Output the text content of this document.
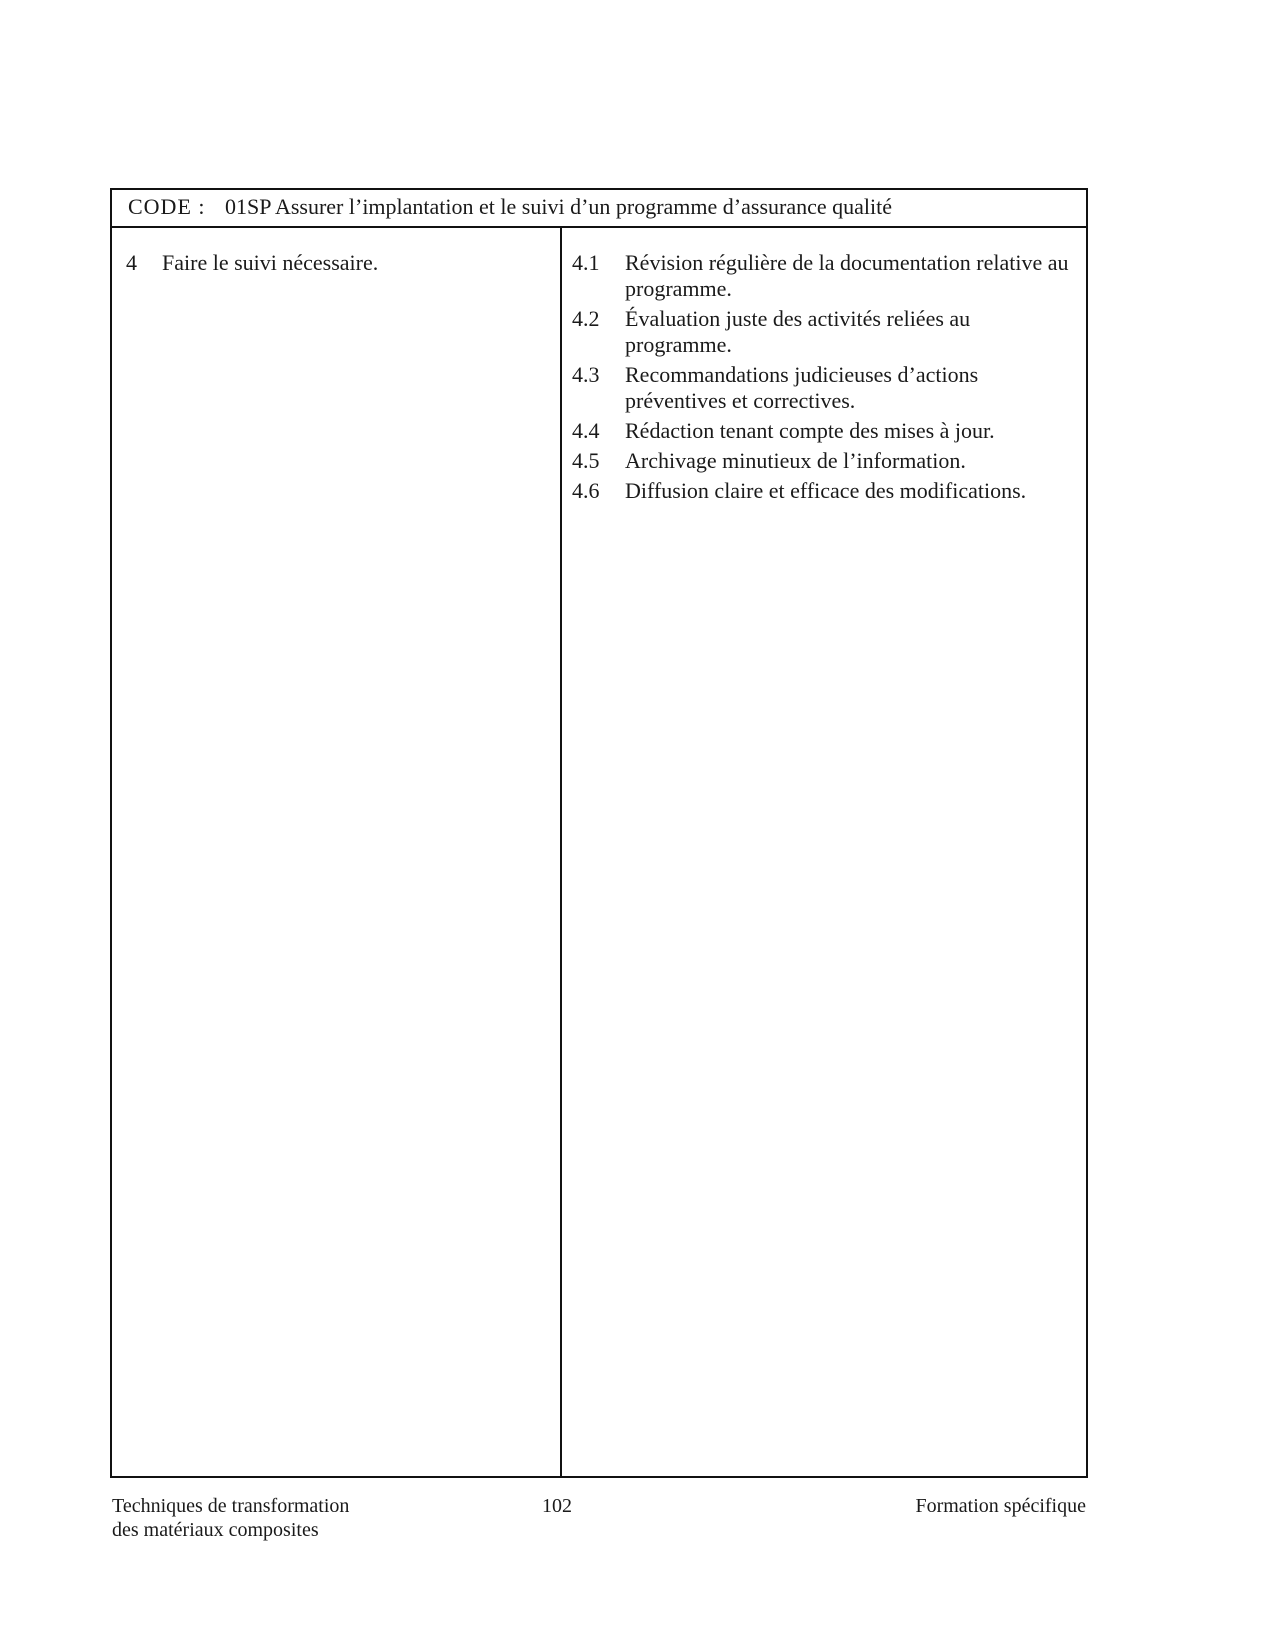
CODE : 01SP Assurer l’implantation et le suivi d’un programme d’assurance qualité
4	Faire le suivi nécessaire.	4.1	Révision régulière de la documentation relative au programme.
4.2	Évaluation juste des activités reliées au programme.
4.3	Recommandations judicieuses d’actions préventives et correctives.
4.4	Rédaction tenant compte des mises à jour.
4.5	Archivage minutieux de l’information.
4.6	Diffusion claire et efficace des modifications.
Techniques de transformation
des matériaux composites
102	Formation spécifique
